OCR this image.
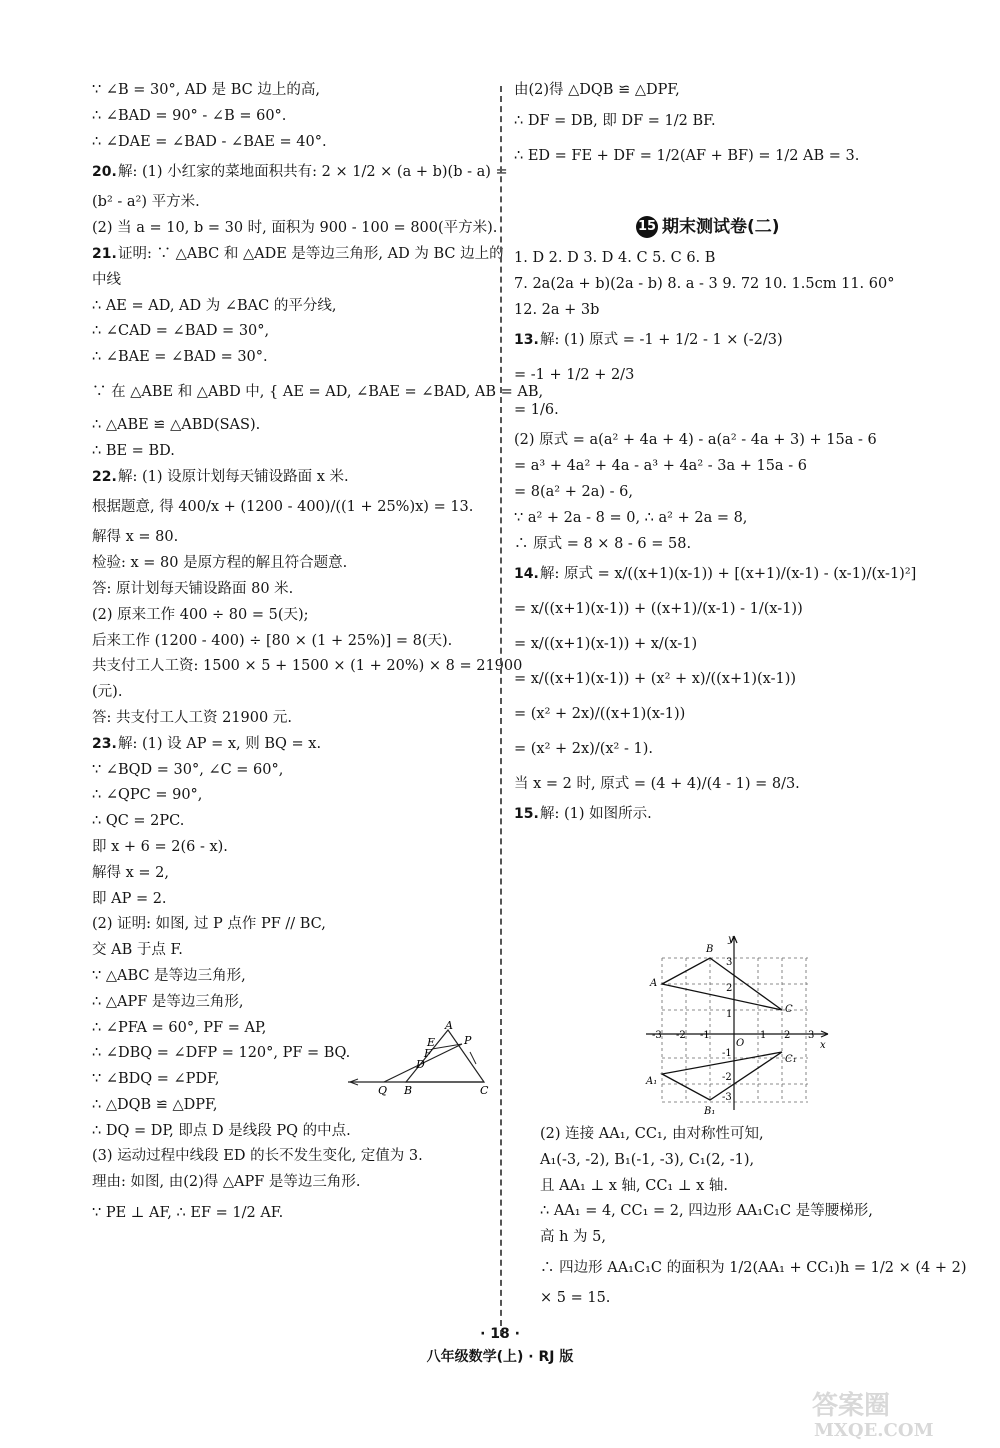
∵ ∠B = 30°, AD 是 BC 边上的高,
∴ ∠BAD = 90° - ∠B = 60°.
∴ ∠DAE = ∠BAD - ∠BAE = 40°.
20.解: (1) 小红家的菜地面积共有: 2 × 1/2 × (a + b)(b - a) =
(b² - a²) 平方米.
(2) 当 a = 10, b = 30 时, 面积为 900 - 100 = 800(平方米).
21.证明: ∵ △ABC 和 △ADE 是等边三角形, AD 为 BC 边上的
中线
∴ AE = AD, AD 为 ∠BAC 的平分线,
∴ ∠CAD = ∠BAD = 30°,
∴ ∠BAE = ∠BAD = 30°.
∵ 在 △ABE 和 △ABD 中, { AE = AD, ∠BAE = ∠BAD, AB = AB,
∴ △ABE ≌ △ABD(SAS).
∴ BE = BD.
22.解: (1) 设原计划每天铺设路面 x 米.
根据题意, 得 400/x + (1200 - 400)/((1 + 25%)x) = 13.
解得 x = 80.
检验: x = 80 是原方程的解且符合题意.
答: 原计划每天铺设路面 80 米.
(2) 原来工作 400 ÷ 80 = 5(天);
后来工作 (1200 - 400) ÷ [80 × (1 + 25%)] = 8(天).
共支付工人工资: 1500 × 5 + 1500 × (1 + 20%) × 8 = 21900
(元).
答: 共支付工人工资 21900 元.
23.解: (1) 设 AP = x, 则 BQ = x.
∵ ∠BQD = 30°, ∠C = 60°,
∴ ∠QPC = 90°,
∴ QC = 2PC.
即 x + 6 = 2(6 - x).
解得 x = 2,
即 AP = 2.
(2) 证明: 如图, 过 P 点作 PF // BC,
交 AB 于点 F.
∵ △ABC 是等边三角形,
∴ △APF 是等边三角形,
∴ ∠PFA = 60°, PF = AP,
∴ ∠DBQ = ∠DFP = 120°, PF = BQ.
∵ ∠BDQ = ∠PDF,
∴ △DQB ≌ △DPF,
∴ DQ = DP, 即点 D 是线段 PQ 的中点.
(3) 运动过程中线段 ED 的长不发生变化, 定值为 3.
理由: 如图, 由(2)得 △APF 是等边三角形.
∵ PE ⊥ AF, ∴ EF = 1/2 AF.
由(2)得 △DQB ≌ △DPF,
∴ DF = DB, 即 DF = 1/2 BF.
∴ ED = FE + DF = 1/2(AF + BF) = 1/2 AB = 3.
15 期末测试卷(二)
1. D 2. D 3. D 4. C 5. C 6. B
7. 2a(2a + b)(2a - b) 8. a - 3 9. 72 10. 1.5cm 11. 60°
12. 2a + 3b
13.解: (1) 原式 = -1 + 1/2 - 1 × (-2/3)
= -1 + 1/2 + 2/3
= 1/6.
(2) 原式 = a(a² + 4a + 4) - a(a² - 4a + 3) + 15a - 6
= a³ + 4a² + 4a - a³ + 4a² - 3a + 15a - 6
= 8(a² + 2a) - 6,
∵ a² + 2a - 8 = 0, ∴ a² + 2a = 8,
∴ 原式 = 8 × 8 - 6 = 58.
14.解: 原式 = x/((x+1)(x-1)) + [(x+1)/(x-1) - (x-1)/(x-1)²]
= x/((x+1)(x-1)) + ((x+1)/(x-1) - 1/(x-1))
= x/((x+1)(x-1)) + x/(x-1)
= x/((x+1)(x-1)) + (x² + x)/((x+1)(x-1))
= (x² + 2x)/((x+1)(x-1))
= (x² + 2x)/(x² - 1).
当 x = 2 时, 原式 = (4 + 4)/(4 - 1) = 8/3.
15.解: (1) 如图所示.
A
E
F
D
P
Q B	C
y
x
O
-3 -2 -1	1 2 3
3
2
1
-1
-2
-3
A
B
C
A₁
B₁
C₁
(2) 连接 AA₁, CC₁, 由对称性可知,
A₁(-3, -2), B₁(-1, -3), C₁(2, -1),
且 AA₁ ⊥ x 轴, CC₁ ⊥ x 轴.
∴ AA₁ = 4, CC₁ = 2, 四边形 AA₁C₁C 是等腰梯形,
高 h 为 5,
∴ 四边形 AA₁C₁C 的面积为 1/2(AA₁ + CC₁)h = 1/2 × (4 + 2)
× 5 = 15.
· 18 ·
八年级数学(上) · RJ 版
答案圈
MXQE.COM
